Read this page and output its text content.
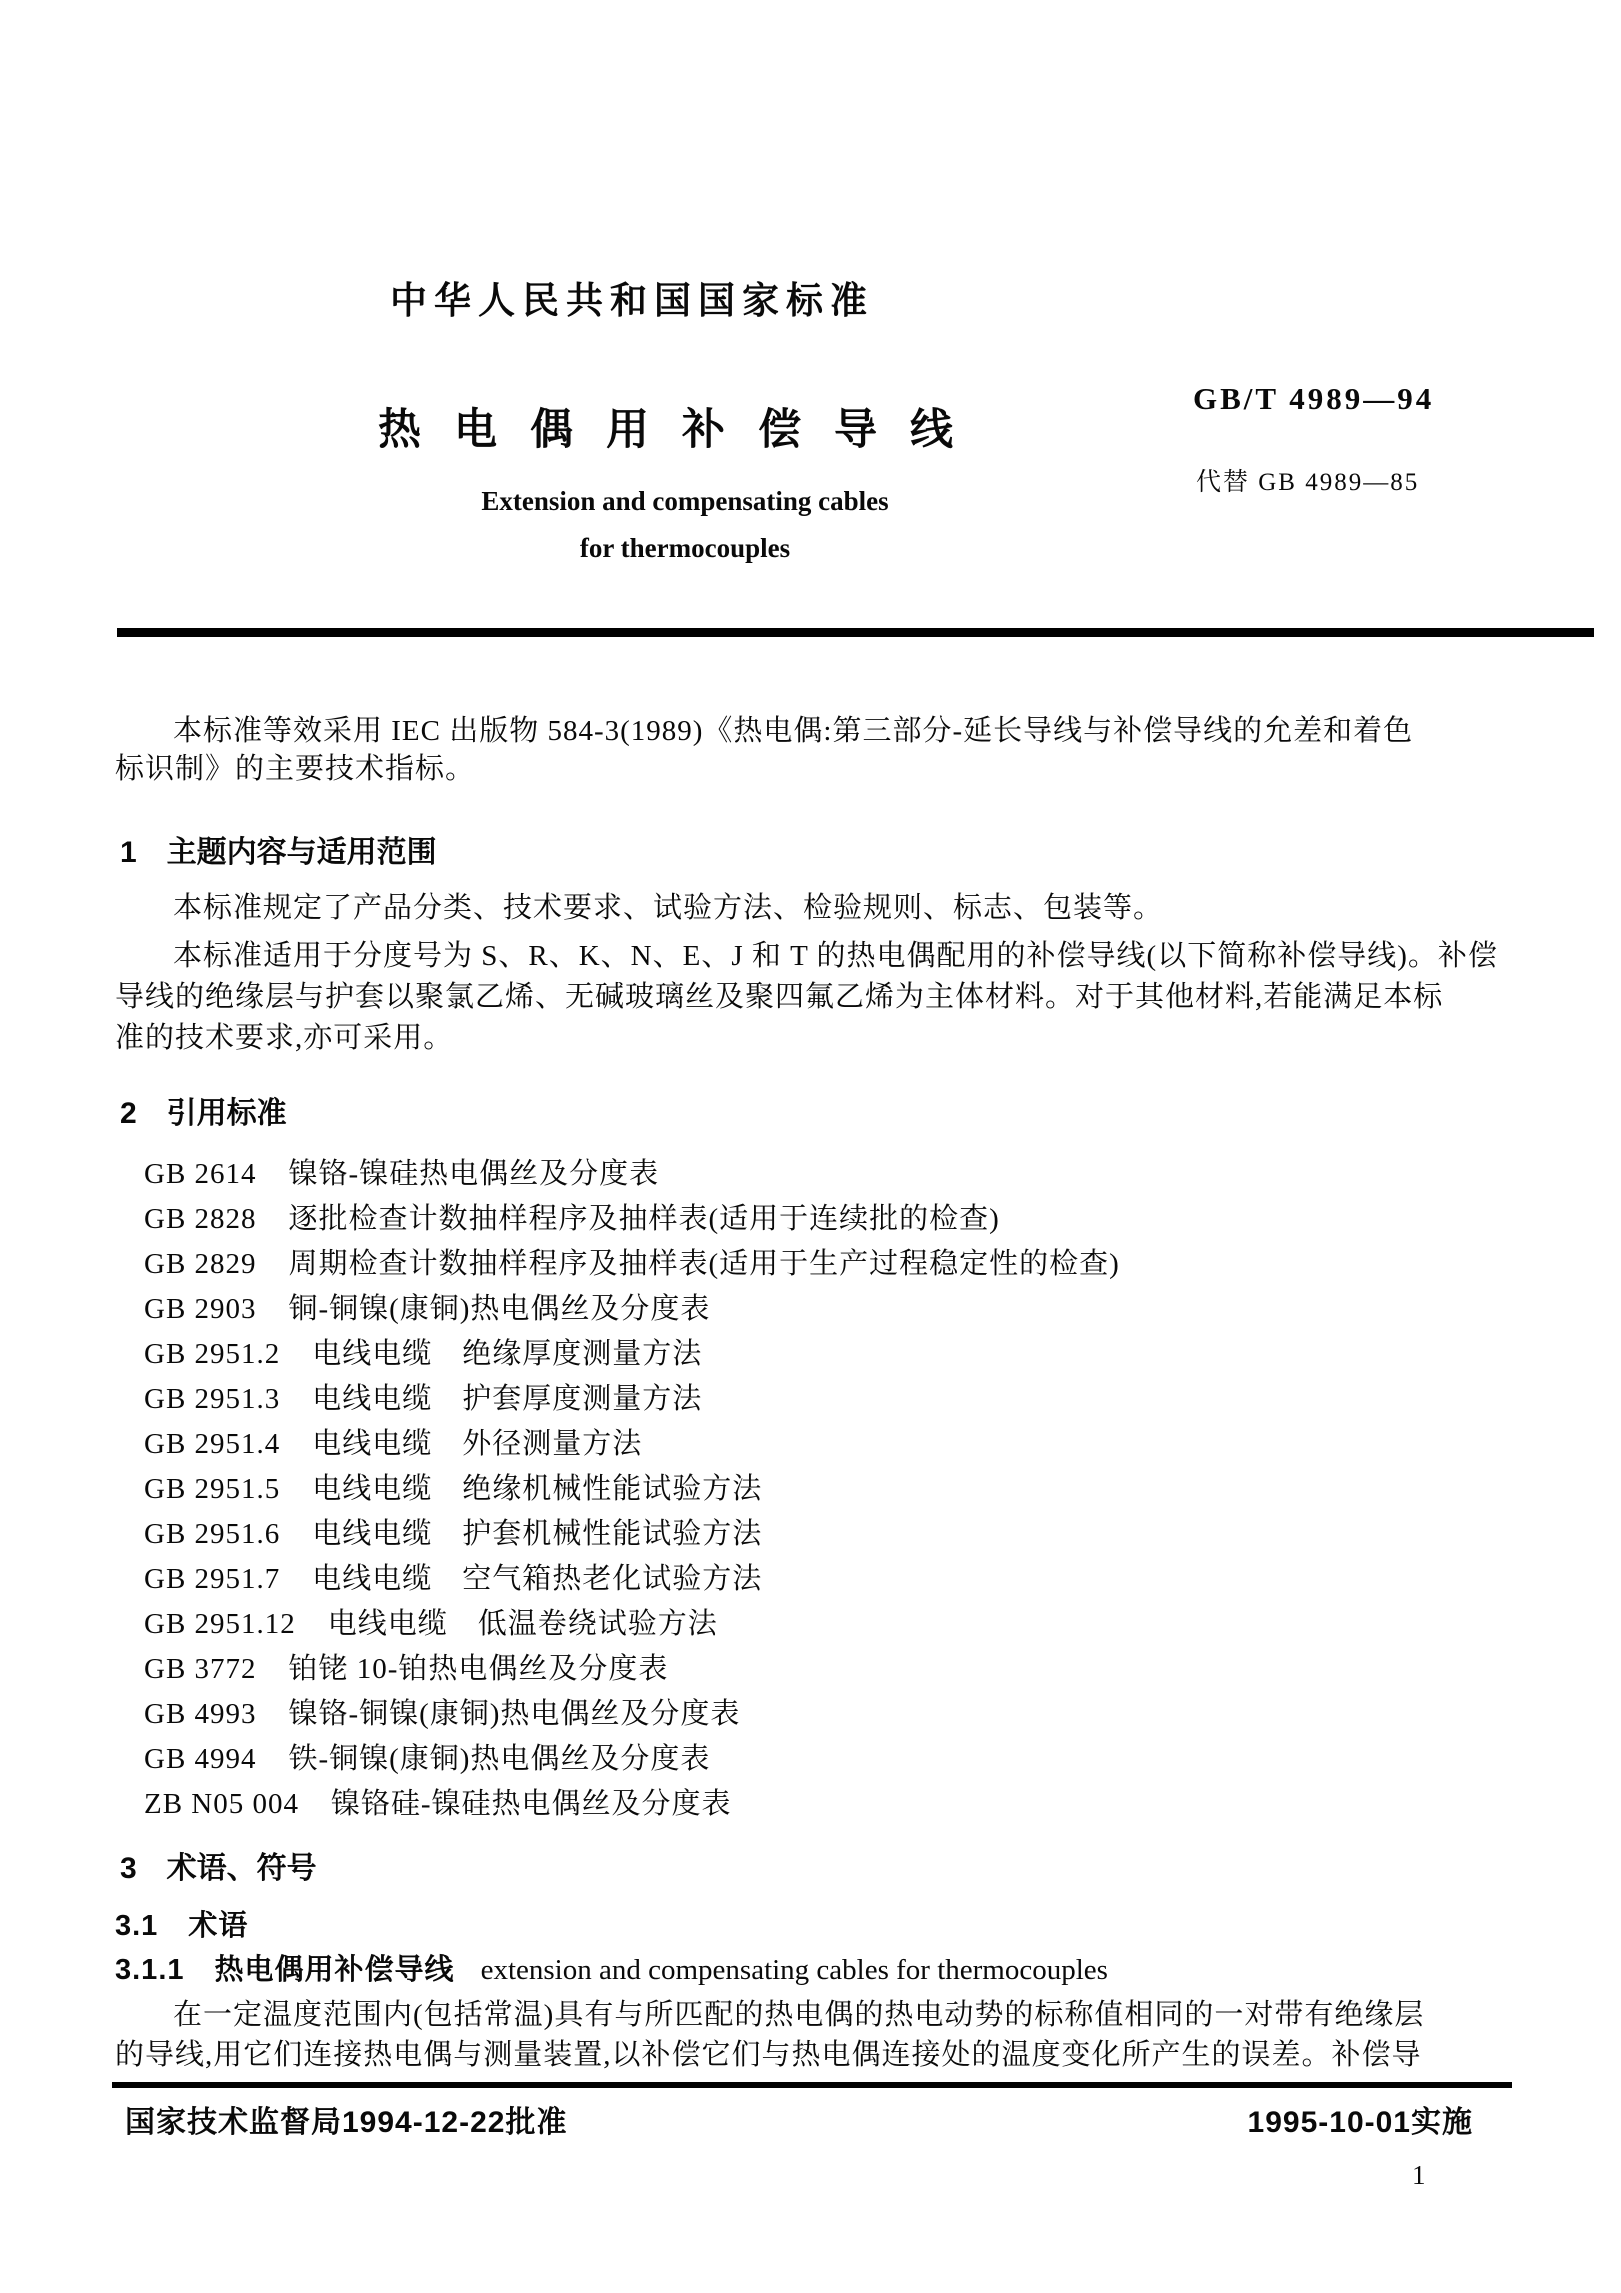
中华人民共和国国家标准
热电偶用补偿导线
GB/T 4989—94
代替 GB 4989—85
Extension and compensating cables
for thermocouples
本标准等效采用 IEC 出版物 584-3(1989)《热电偶:第三部分-延长导线与补偿导线的允差和着色
标识制》的主要技术指标。
1　主题内容与适用范围
本标准规定了产品分类、技术要求、试验方法、检验规则、标志、包装等。
本标准适用于分度号为 S、R、K、N、E、J 和 T 的热电偶配用的补偿导线(以下简称补偿导线)。补偿
导线的绝缘层与护套以聚氯乙烯、无碱玻璃丝及聚四氟乙烯为主体材料。对于其他材料,若能满足本标
准的技术要求,亦可采用。
2　引用标准
GB 2614 镍铬-镍硅热电偶丝及分度表
GB 2828 逐批检查计数抽样程序及抽样表(适用于连续批的检查)
GB 2829 周期检查计数抽样程序及抽样表(适用于生产过程稳定性的检查)
GB 2903 铜-铜镍(康铜)热电偶丝及分度表
GB 2951.2 电线电缆　绝缘厚度测量方法
GB 2951.3 电线电缆　护套厚度测量方法
GB 2951.4 电线电缆　外径测量方法
GB 2951.5 电线电缆　绝缘机械性能试验方法
GB 2951.6 电线电缆　护套机械性能试验方法
GB 2951.7 电线电缆　空气箱热老化试验方法
GB 2951.12 电线电缆　低温卷绕试验方法
GB 3772 铂铑 10-铂热电偶丝及分度表
GB 4993 镍铬-铜镍(康铜)热电偶丝及分度表
GB 4994 铁-铜镍(康铜)热电偶丝及分度表
ZB N05 004 镍铬硅-镍硅热电偶丝及分度表
3　术语、符号
3.1　术语
3.1.1　热电偶用补偿导线 extension and compensating cables for thermocouples
在一定温度范围内(包括常温)具有与所匹配的热电偶的热电动势的标称值相同的一对带有绝缘层
的导线,用它们连接热电偶与测量装置,以补偿它们与热电偶连接处的温度变化所产生的误差。补偿导
国家技术监督局1994-12-22批准	1995-10-01实施
1
